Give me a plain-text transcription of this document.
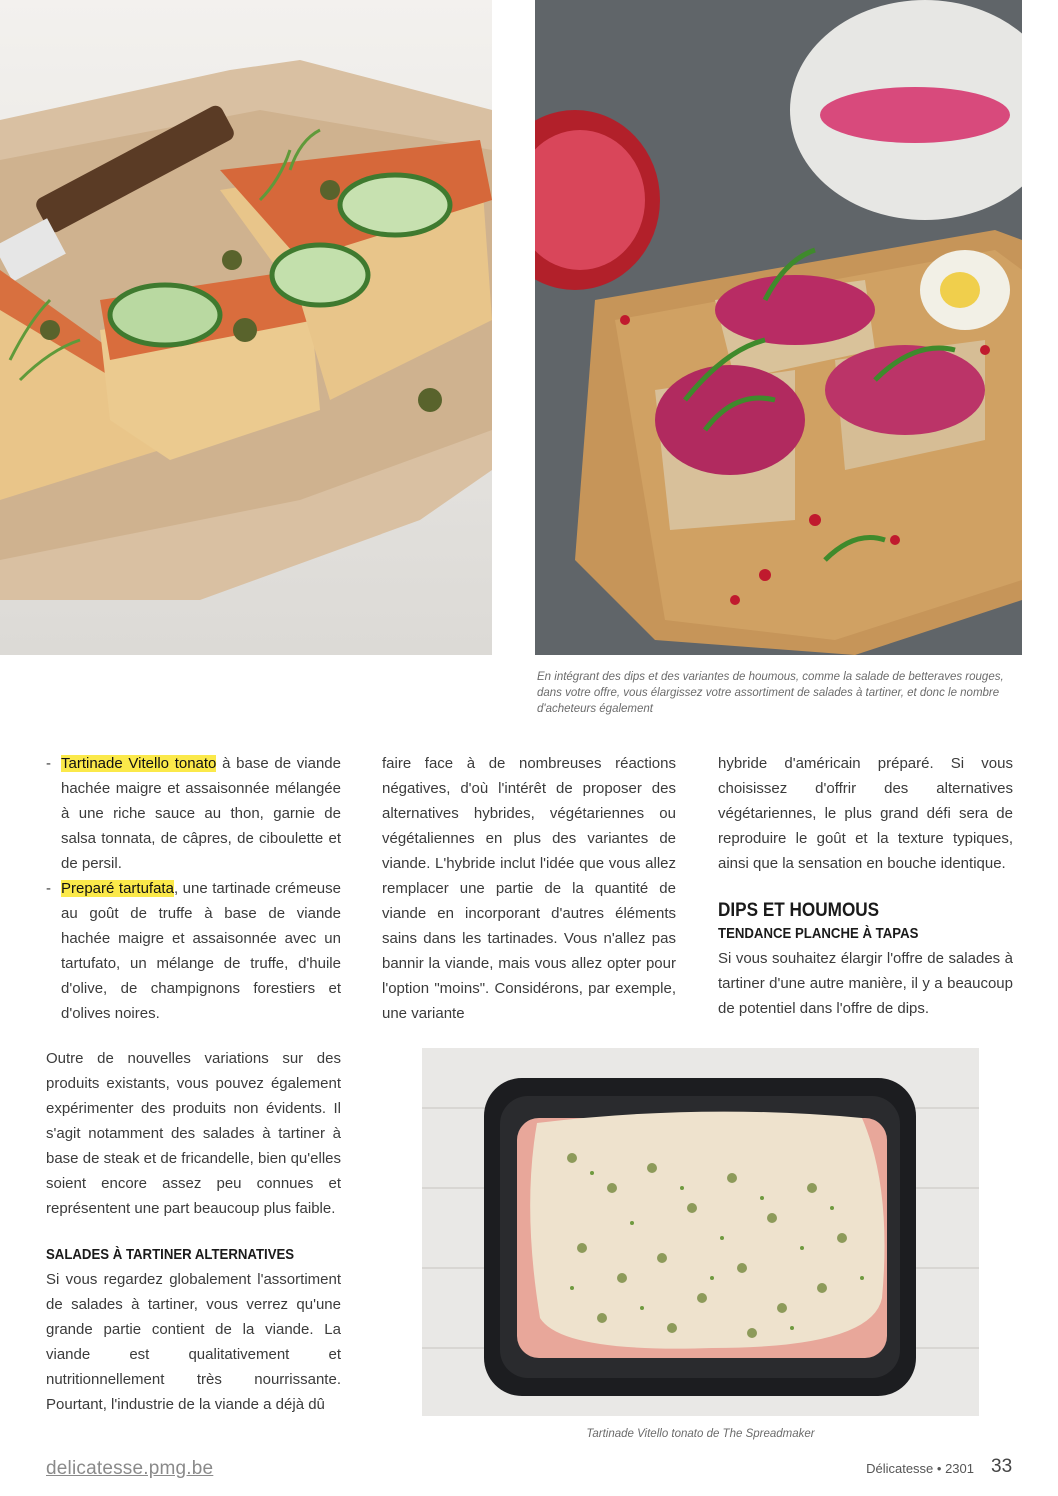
En intégrant des dips et des variantes de houmous, comme la salade de betteraves rouges, dans votre offre, vous élargissez votre assortiment de salades à tartiner, et donc le nombre d'acheteurs également
- Tartinade Vitello tonato à base de viande hachée maigre et assaisonnée mélangée à une riche sauce au thon, garnie de salsa tonnata, de câpres, de ciboulette et de persil.
- Preparé tartufata, une tartinade crémeuse au goût de truffe à base de viande hachée maigre et assaisonnée avec un tartufato, un mélange de truffe, d'huile d'olive, de champignons forestiers et d'olives noires.

Outre de nouvelles variations sur des produits existants, vous pouvez également expérimenter des produits non évidents. Il s'agit notamment des salades à tartiner à base de steak et de fricandelle, bien qu'elles soient encore assez peu connues et représentent une part beaucoup plus faible.

SALADES À TARTINER ALTERNATIVES

Si vous regardez globalement l'assortiment de salades à tartiner, vous verrez qu'une grande partie contient de la viande. La viande est qualitativement et nutritionnellement très nourrissante. Pourtant, l'industrie de la viande a déjà dû

faire face à de nombreuses réactions négatives, d'où l'intérêt de proposer des alternatives hybrides, végétariennes ou végétaliennes en plus des variantes de viande. L'hybride inclut l'idée que vous allez remplacer une partie de la quantité de viande en incorporant d'autres éléments sains dans les tartinades. Vous n'allez pas bannir la viande, mais vous allez opter pour l'option "moins". Considérons, par exemple, une variante

hybride d'américain préparé. Si vous choisissez d'offrir des alternatives végétariennes, le plus grand défi sera de reproduire le goût et la texture typiques, ainsi que la sensation en bouche identique.

DIPS ET HOUMOUS
TENDANCE PLANCHE À TAPAS

Si vous souhaitez élargir l'offre de salades à tartiner d'une autre manière, il y a beaucoup de potentiel dans l'offre de dips.

Tartinade Vitello tonato de The Spreadmaker
delicatesse.pmg.be	Délicatesse • 2301 33
